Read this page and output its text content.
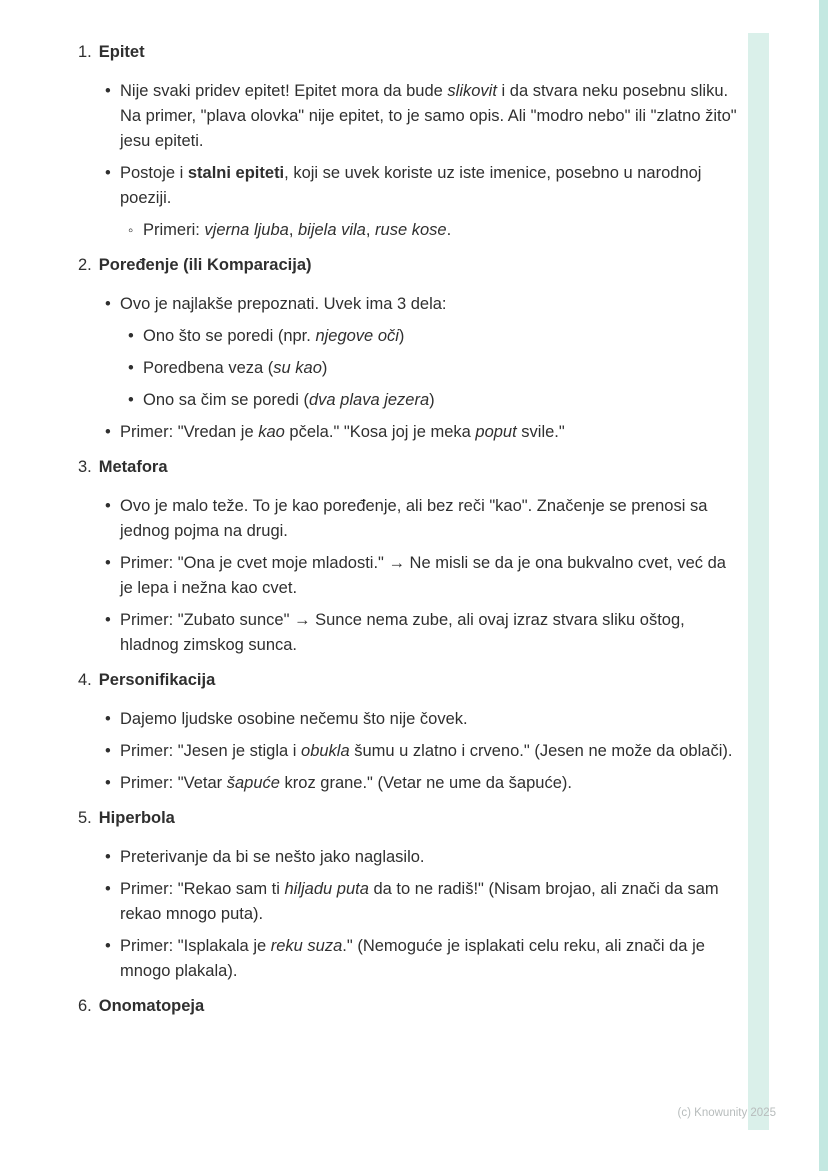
1. Epitet
• Nije svaki pridev epitet! Epitet mora da bude slikovit i da stvara neku posebnu sliku. Na primer, "plava olovka" nije epitet, to je samo opis. Ali "modro nebo" ili "zlatno žito" jesu epiteti.
• Postoje i stalni epiteti, koji se uvek koriste uz iste imenice, posebno u narodnoj poeziji.
◦ Primeri: vjerna ljuba, bijela vila, ruse kose.
2. Poređenje (ili Komparacija)
• Ovo je najlakše prepoznati. Uvek ima 3 dela:
• Ono što se poredi (npr. njegove oči)
• Poredbena veza (su kao)
• Ono sa čim se poredi (dva plava jezera)
• Primer: "Vredan je kao pčela." "Kosa joj je meka poput svile."
3. Metafora
• Ovo je malo teže. To je kao poređenje, ali bez reči "kao". Značenje se prenosi sa jednog pojma na drugi.
• Primer: "Ona je cvet moje mladosti." → Ne misli se da je ona bukvalno cvet, već da je lepa i nežna kao cvet.
• Primer: "Zubato sunce" → Sunce nema zube, ali ovaj izraz stvara sliku oštog, hladnog zimskog sunca.
4. Personifikacija
• Dajemo ljudske osobine nečemu što nije čovek.
• Primer: "Jesen je stigla i obukla šumu u zlatno i crveno." (Jesen ne može da oblači).
• Primer: "Vetar šapuće kroz grane." (Vetar ne ume da šapuće).
5. Hiperbola
• Preterivanje da bi se nešto jako naglasilo.
• Primer: "Rekao sam ti hiljadu puta da to ne radiš!" (Nisam brojao, ali znači da sam rekao mnogo puta).
• Primer: "Isplakala je reku suza." (Nemoguće je isplakati celu reku, ali znači da je mnogo plakala).
6. Onomatopeja
(c) Knowunity 2025
